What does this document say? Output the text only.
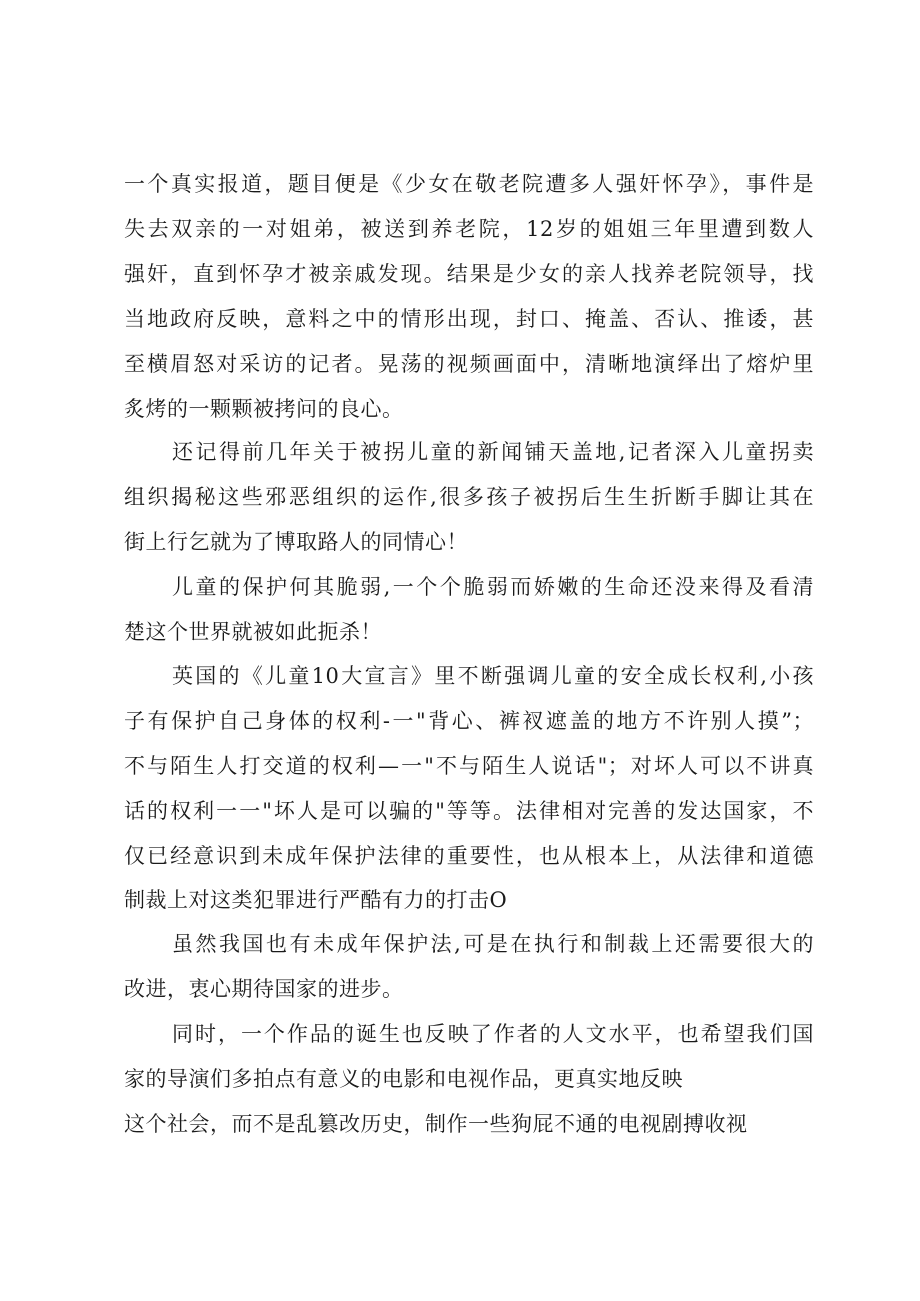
一个真实报道，题目便是《少女在敬老院遭多人强奸怀孕》，事件是
失去双亲的一对姐弟，被送到养老院，12岁的姐姐三年里遭到数人
强奸，直到怀孕才被亲戚发现。结果是少女的亲人找养老院领导，找
当地政府反映，意料之中的情形出现，封口、掩盖、否认、推诿，甚
至横眉怒对采访的记者。晃荡的视频画面中，清晰地演绎出了熔炉里
炙烤的一颗颗被拷问的良心。
还记得前几年关于被拐儿童的新闻铺天盖地,记者深入儿童拐卖
组织揭秘这些邪恶组织的运作,很多孩子被拐后生生折断手脚让其在
街上行乞就为了博取路人的同情心！
儿童的保护何其脆弱,一个个脆弱而娇嫩的生命还没来得及看清
楚这个世界就被如此扼杀！
英国的《儿童10大宣言》里不断强调儿童的安全成长权利,小孩
子有保护自己身体的权利-一"背心、裤衩遮盖的地方不许别人摸”；
不与陌生人打交道的权利—一"不与陌生人说话"；对坏人可以不讲真
话的权利一一"坏人是可以骗的"等等。法律相对完善的发达国家，不
仅已经意识到未成年保护法律的重要性，也从根本上，从法律和道德
制裁上对这类犯罪进行严酷有力的打击O
虽然我国也有未成年保护法,可是在执行和制裁上还需要很大的
改进，衷心期待国家的进步。
同时，一个作品的诞生也反映了作者的人文水平，也希望我们国
家的导演们多拍点有意义的电影和电视作品，更真实地反映
这个社会，而不是乱篡改历史，制作一些狗屁不通的电视剧搏收视
